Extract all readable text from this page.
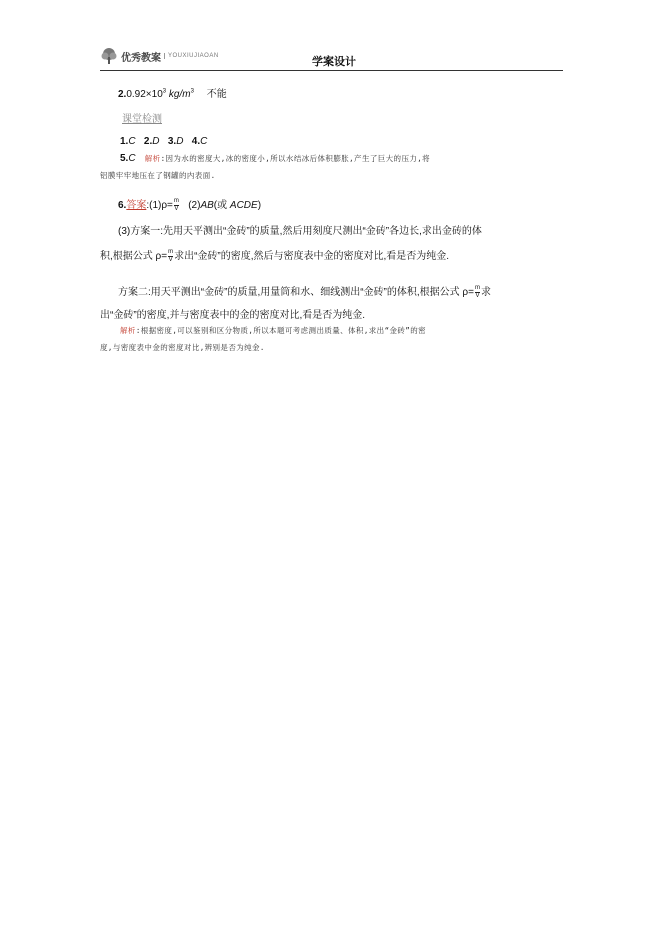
优秀教案	YOUXIUJIAOAN	学案设计
$2.0.92\times 10^3$ $kg/m^3$ 不能
课堂检测
1.C 2.D 3.D 4.C
5.C 解析:因为水的密度大,冰的密度小,所以水结冰后体积膨胀,产生了巨大的压力,将
铝膜牢牢地压在了钢罐的内表面.
6.答案:(1)ρ= $\frac{m}{V} (2)AB$(或 ACDE)
(3)方案一:先用天平测出“金砖”的质量,然后用刻度尺测出“金砖”各边长,求出金砖的体
积,根据公式 $\rho= \frac{m}{V}$ 求出“金砖”的密度,然后与密度表中金的密度对比,看是否为纯金.
方案二:用天平测出“金砖”的质量,用量筒和水、细线测出“金砖”的体积,根据公式 $\rho= \frac{m}{V}$ 求
出“金砖”的密度,并与密度表中的金的密度对比,看是否为纯金.
解析:根据密度,可以鉴别和区分物质,所以本题可考虑测出质量、体积,求出“金砖”的密
度,与密度表中金的密度对比,辨别是否为纯金.
